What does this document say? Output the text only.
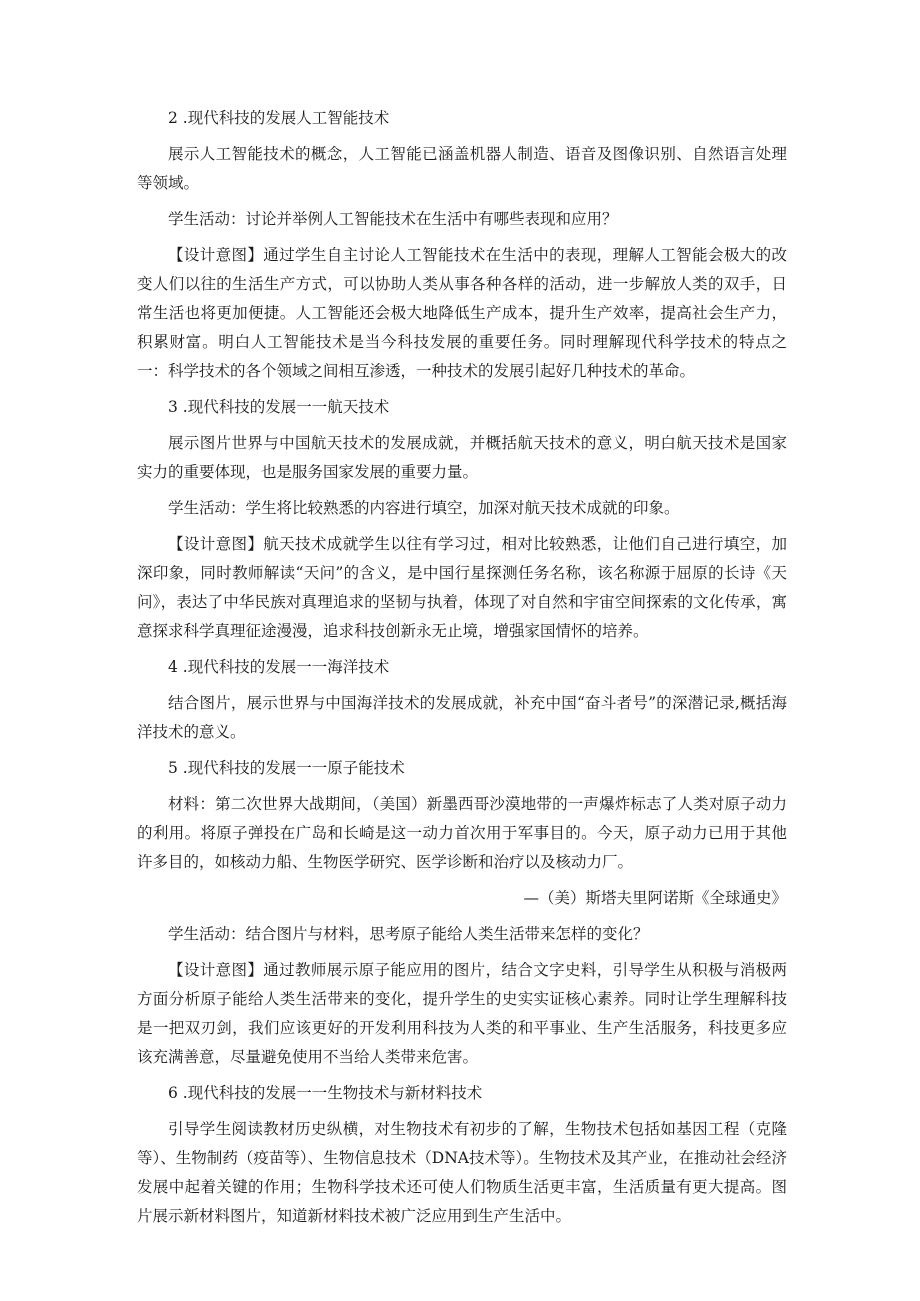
2 .现代科技的发展人工智能技术
展示人工智能技术的概念，人工智能已涵盖机器人制造、语音及图像识别、自然语言处理等领域。
学生活动：讨论并举例人工智能技术在生活中有哪些表现和应用？
【设计意图】通过学生自主讨论人工智能技术在生活中的表现，理解人工智能会极大的改变人们以往的生活生产方式，可以协助人类从事各种各样的活动，进一步解放人类的双手，日常生活也将更加便捷。人工智能还会极大地降低生产成本，提升生产效率，提高社会生产力，积累财富。明白人工智能技术是当今科技发展的重要任务。同时理解现代科学技术的特点之一：科学技术的各个领域之间相互渗透，一种技术的发展引起好几种技术的革命。
3 .现代科技的发展一一航天技术
展示图片世界与中国航天技术的发展成就，并概括航天技术的意义，明白航天技术是国家实力的重要体现，也是服务国家发展的重要力量。
学生活动：学生将比较熟悉的内容进行填空，加深对航天技术成就的印象。
【设计意图】航天技术成就学生以往有学习过，相对比较熟悉，让他们自己进行填空，加深印象，同时教师解读“天问”的含义，是中国行星探测任务名称，该名称源于屈原的长诗《天问》，表达了中华民族对真理追求的坚韧与执着，体现了对自然和宇宙空间探索的文化传承，寓意探求科学真理征途漫漫，追求科技创新永无止境，增强家国情怀的培养。
4 .现代科技的发展一一海洋技术
结合图片，展示世界与中国海洋技术的发展成就，补充中国“奋斗者号”的深潜记录,概括海洋技术的意义。
5 .现代科技的发展一一原子能技术
材料：第二次世界大战期间，（美国）新墨西哥沙漠地带的一声爆炸标志了人类对原子动力的利用。将原子弹投在广岛和长崎是这一动力首次用于军事目的。今天，原子动力已用于其他许多目的，如核动力船、生物医学研究、医学诊断和治疗以及核动力厂。
—（美）斯塔夫里阿诺斯《全球通史》
学生活动：结合图片与材料，思考原子能给人类生活带来怎样的变化？
【设计意图】通过教师展示原子能应用的图片，结合文字史料，引导学生从积极与消极两方面分析原子能给人类生活带来的变化，提升学生的史实实证核心素养。同时让学生理解科技是一把双刃剑，我们应该更好的开发利用科技为人类的和平事业、生产生活服务，科技更多应该充满善意，尽量避免使用不当给人类带来危害。
6 .现代科技的发展一一生物技术与新材料技术
引导学生阅读教材历史纵横，对生物技术有初步的了解，生物技术包括如基因工程（克隆等）、生物制药（疫苗等）、生物信息技术（DNA技术等）。生物技术及其产业，在推动社会经济发展中起着关键的作用；生物科学技术还可使人们物质生活更丰富，生活质量有更大提高。图片展示新材料图片，知道新材料技术被广泛应用到生产生活中。
